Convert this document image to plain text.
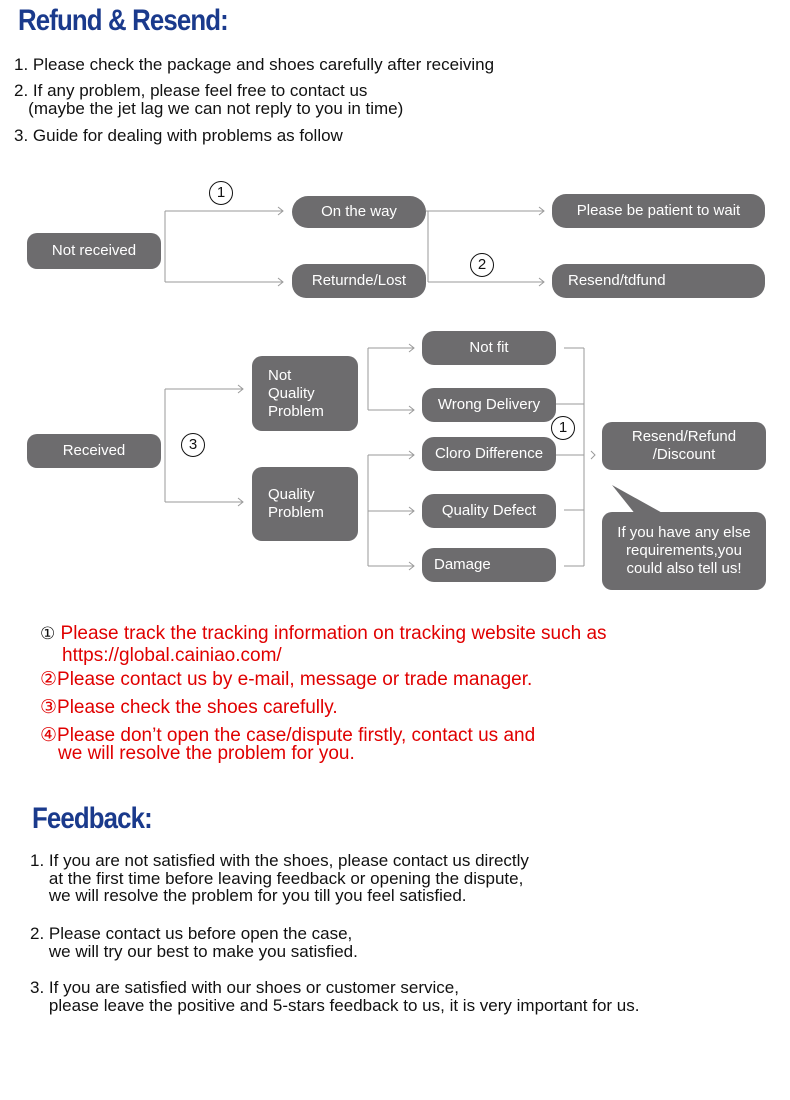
Refund & Resend:
1. Please check the package and shoes carefully after receiving
2. If any problem, please feel free to contact us
(maybe the jet lag we can not reply to you in time)
3. Guide for dealing with problems as follow
1
2
3
1
Not received
On the way
Returnde/Lost
Please be patient to wait
Resend/tdfund
Received
Not
Quality
Problem
Quality
Problem
Not fit
Wrong Delivery
Cloro Difference
Quality Defect
Damage
Resend/Refund
/Discount
If you have any else
requirements,you
could also tell us!
① Please track the tracking information on tracking website such as
https://global.cainiao.com/
②Please contact us by e-mail, message or trade manager.
③Please check the shoes carefully.
④Please don’t open the case/dispute firstly, contact us and
we will resolve the problem for you.
Feedback:
1. If you are not satisfied with the shoes, please contact us directly
at the first time before leaving feedback or opening the dispute,
we will resolve the problem for you till you feel satisfied.
2. Please contact us before open the case,
we will try our best to make you satisfied.
3. If you are satisfied with our shoes or customer service,
please leave the positive and 5-stars feedback to us, it is very important for us.
